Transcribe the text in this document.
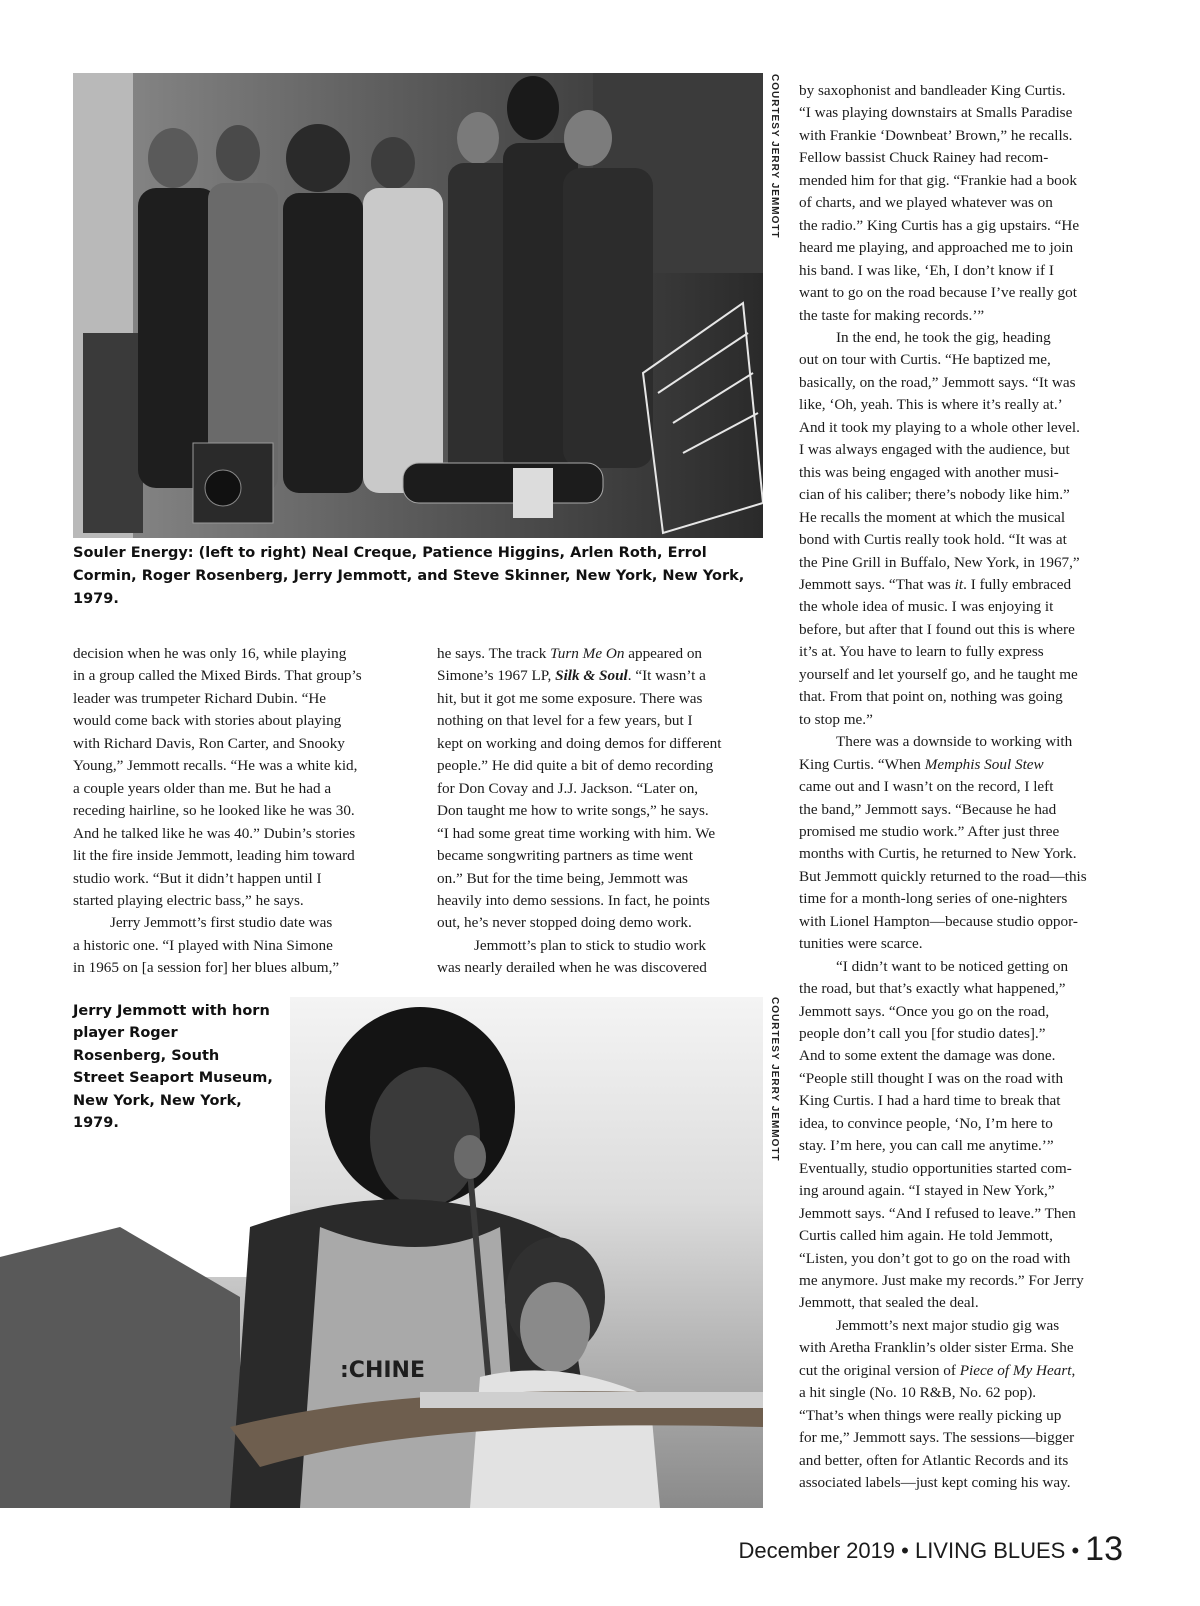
COURTESY JERRY JEMMOTT
Souler Energy: (left to right) Neal Creque, Patience Higgins, Arlen Roth, Errol Cormin, Roger Rosenberg, Jerry Jemmott, and Steve Skinner, New York, New York, 1979.

decision when he was only 16, while playing

in a group called the Mixed Birds. That group’s

leader was trumpeter Richard Dubin. “He

would come back with stories about playing

with Richard Davis, Ron Carter, and Snooky

Young,” Jemmott recalls. “He was a white kid,

a couple years older than me. But he had a

receding hairline, so he looked like he was 30.

And he talked like he was 40.” Dubin’s stories

lit the fire inside Jemmott, leading him toward

studio work. “But it didn’t happen until I

started playing electric bass,” he says.

Jerry Jemmott’s first studio date was

a historic one. “I played with Nina Simone

in 1965 on [a session for] her blues album,”

he says. The track Turn Me On appeared on

Simone’s 1967 LP, Silk & Soul. “It wasn’t a

hit, but it got me some exposure. There was

nothing on that level for a few years, but I

kept on working and doing demos for different

people.” He did quite a bit of demo recording

for Don Covay and J.J. Jackson. “Later on,

Don taught me how to write songs,” he says.

“I had some great time working with him. We

became songwriting partners as time went

on.” But for the time being, Jemmott was

heavily into demo sessions. In fact, he points

out, he’s never stopped doing demo work.

Jemmott’s plan to stick to studio work

was nearly derailed when he was discovered

by saxophonist and bandleader King Curtis.

“I was playing downstairs at Smalls Paradise

with Frankie ‘Downbeat’ Brown,” he recalls.

Fellow bassist Chuck Rainey had recom-

mended him for that gig. “Frankie had a book

of charts, and we played whatever was on

the radio.” King Curtis has a gig upstairs. “He

heard me playing, and approached me to join

his band. I was like, ‘Eh, I don’t know if I

want to go on the road because I’ve really got

the taste for making records.’”

In the end, he took the gig, heading

out on tour with Curtis. “He baptized me,

basically, on the road,” Jemmott says. “It was

like, ‘Oh, yeah. This is where it’s really at.’

And it took my playing to a whole other level.

I was always engaged with the audience, but

this was being engaged with another musi-

cian of his caliber; there’s nobody like him.”

He recalls the moment at which the musical

bond with Curtis really took hold. “It was at

the Pine Grill in Buffalo, New York, in 1967,”

Jemmott says. “That was it. I fully embraced

the whole idea of music. I was enjoying it

before, but after that I found out this is where

it’s at. You have to learn to fully express

yourself and let yourself go, and he taught me

that. From that point on, nothing was going

to stop me.”

There was a downside to working with

King Curtis. “When Memphis Soul Stew

came out and I wasn’t on the record, I left

the band,” Jemmott says. “Because he had

promised me studio work.” After just three

months with Curtis, he returned to New York.

But Jemmott quickly returned to the road—this

time for a month-long series of one-nighters

with Lionel Hampton—because studio oppor-

tunities were scarce.

“I didn’t want to be noticed getting on

the road, but that’s exactly what happened,”

Jemmott says. “Once you go on the road,

people don’t call you [for studio dates].”

And to some extent the damage was done.

“People still thought I was on the road with

King Curtis. I had a hard time to break that

idea, to convince people, ‘No, I’m here to

stay. I’m here, you can call me anytime.’”

Eventually, studio opportunities started com-

ing around again. “I stayed in New York,”

Jemmott says. “And I refused to leave.” Then

Curtis called him again. He told Jemmott,

“Listen, you don’t got to go on the road with

me anymore. Just make my records.” For Jerry

Jemmott, that sealed the deal.

Jemmott’s next major studio gig was

with Aretha Franklin’s older sister Erma. She

cut the original version of Piece of My Heart,

a hit single (No. 10 R&B, No. 62 pop).

“That’s when things were really picking up

for me,” Jemmott says. The sessions—bigger

and better, often for Atlantic Records and its

associated labels—just kept coming his way.

:CHINE
Jerry Jemmott with horn player Roger Rosenberg, South Street Seaport Museum, New York, New York, 1979.	COURTESY JERRY JEMMOTT
December 2019 • LIVING BLUES • 13
